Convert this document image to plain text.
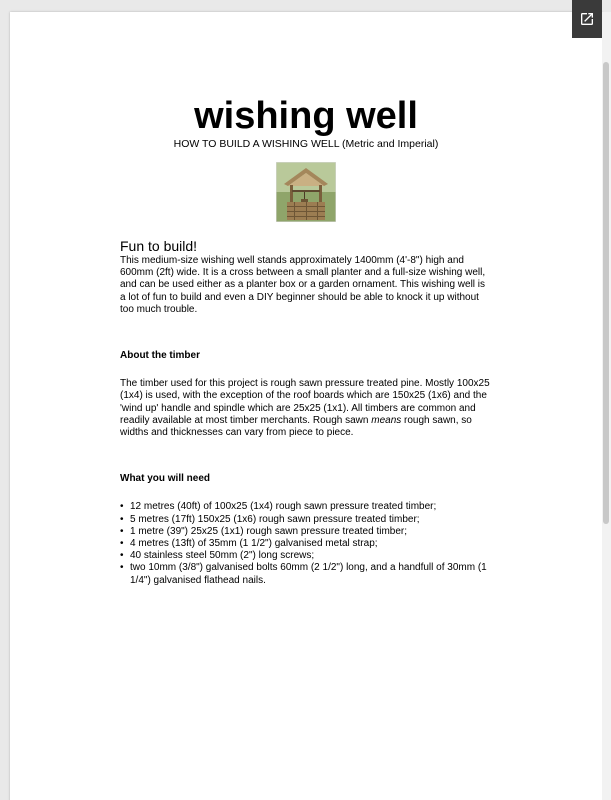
wishing well

HOW TO BUILD A WISHING WELL (Metric and Imperial)

Fun to build!

This medium-size wishing well stands approximately 1400mm (4'-8") high and 600mm (2ft) wide. It is a cross between a small planter and a full-size wishing well, and can be used either as a planter box or a garden ornament. This wishing well is a lot of fun to build and even a DIY beginner should be able to knock it up without too much trouble.

About the timber

The timber used for this project is rough sawn pressure treated pine. Mostly 100x25 (1x4) is used, with the exception of the roof boards which are 150x25 (1x6) and the 'wind up' handle and spindle which are 25x25 (1x1). All timbers are common and readily available at most timber merchants. Rough sawn means rough sawn, so widths and thicknesses can vary from piece to piece.

What you will need

• 12 metres (40ft) of 100x25 (1x4) rough sawn pressure treated timber;
• 5 metres (17ft) 150x25 (1x6) rough sawn pressure treated timber;
• 1 metre (39") 25x25 (1x1) rough sawn pressure treated timber;
• 4 metres (13ft) of 35mm (1 1/2") galvanised metal strap;
• 40 stainless steel 50mm (2") long screws;
• two 10mm (3/8") galvanised bolts 60mm (2 1/2") long, and a handfull of 30mm (1 1/4") galvanised flathead nails.
